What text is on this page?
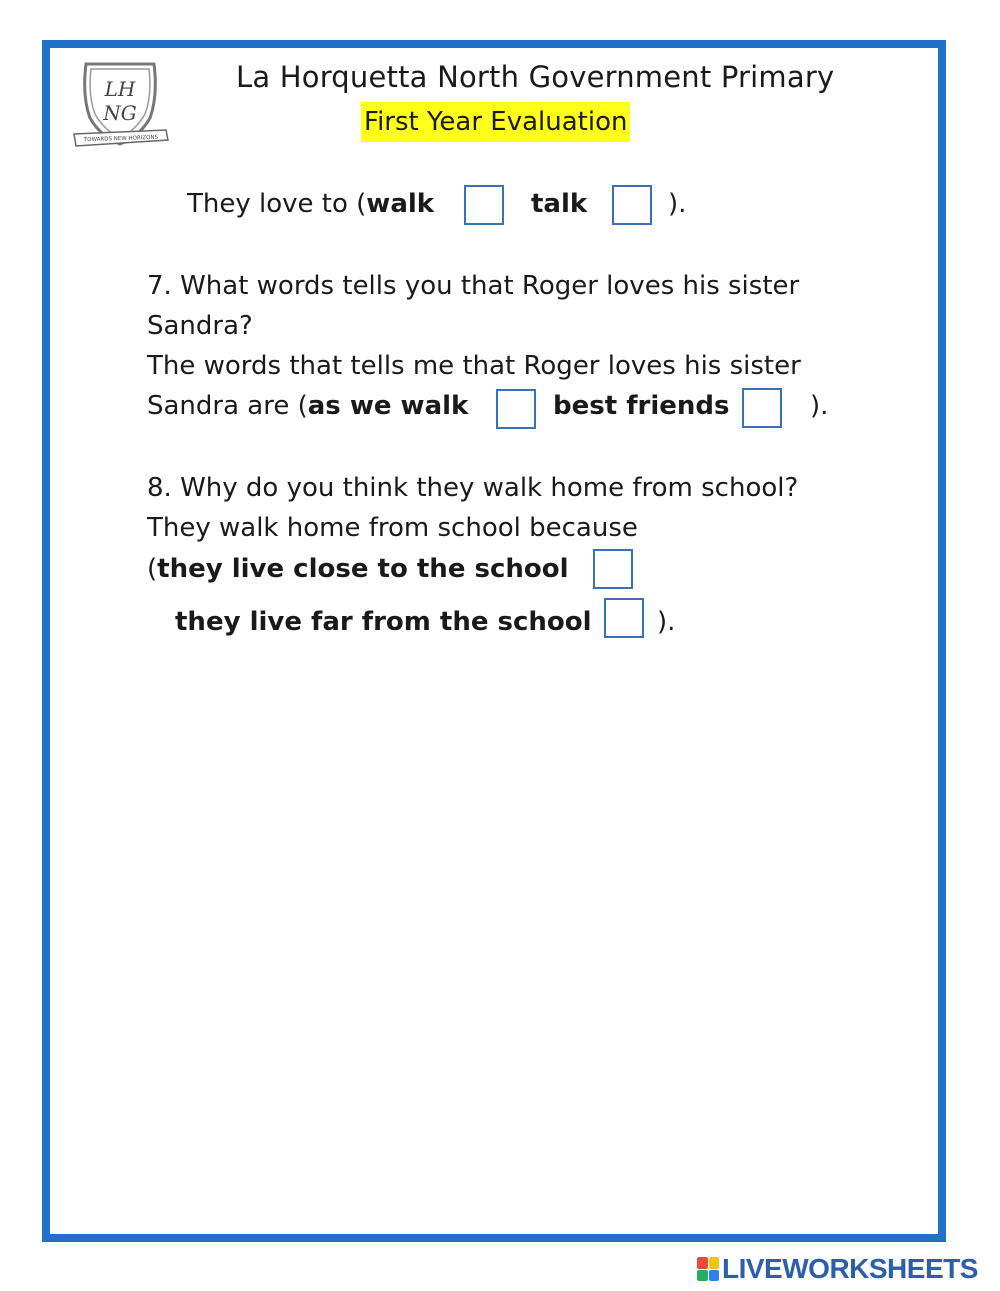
LH
NG
TOWARDS NEW HORIZONS
La Horquetta North Government Primary
First Year Evaluation
They love to (walk	talk	).
7. What words tells you that Roger loves his sister
Sandra?
The words that tells me that Roger loves his sister
Sandra are (as we walk	best friends	).
8. Why do you think they walk home from school?
They walk home from school because
(they live close to the school
they live far from the school	).
LIVEWORKSHEETS
